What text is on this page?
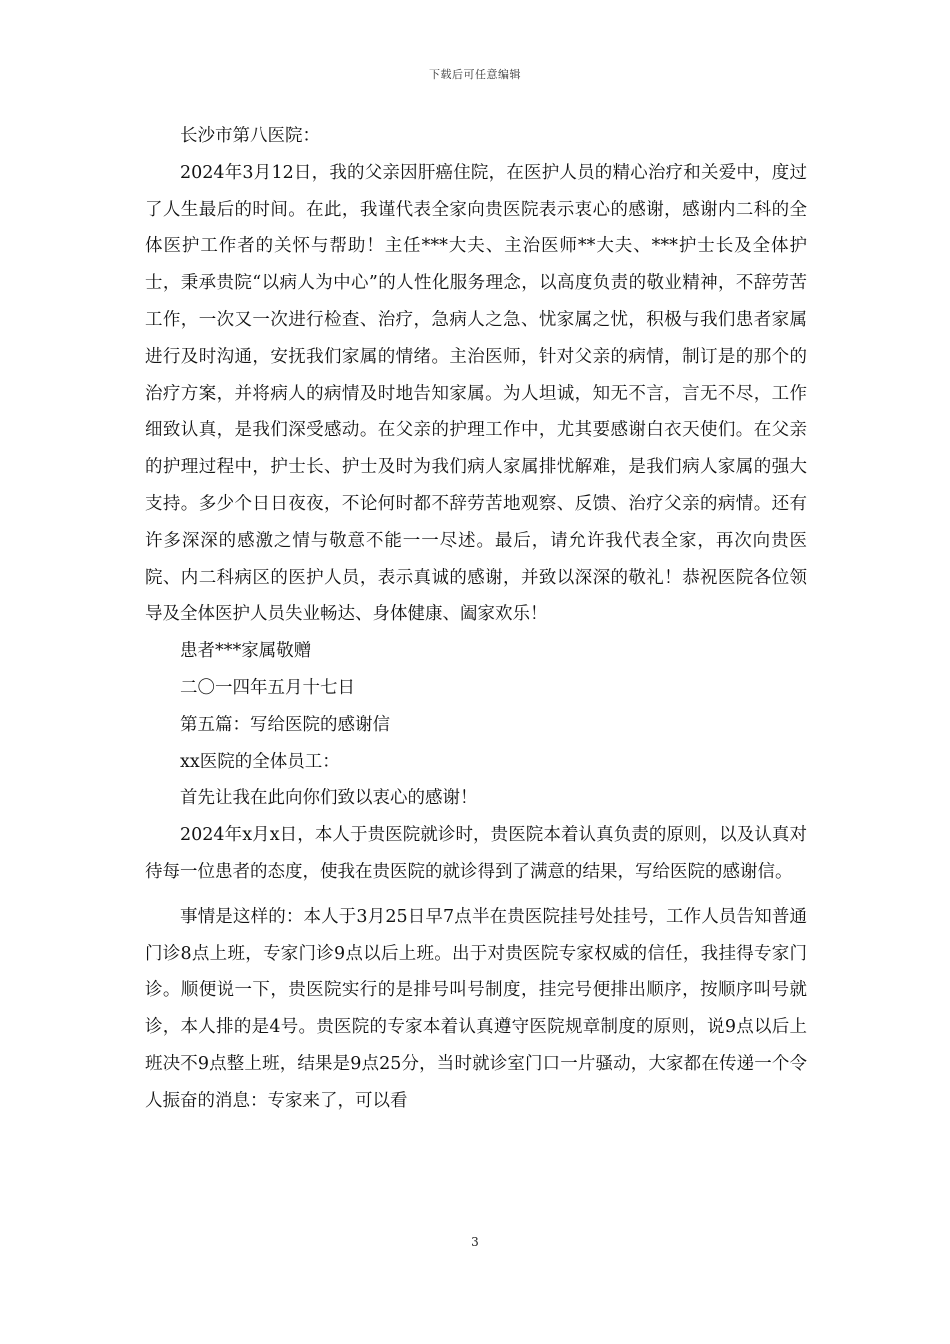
下载后可任意编辑

长沙市第八医院：

2024年3月12日，我的父亲因肝癌住院，在医护人员的精心治疗和关爱中，度过了人生最后的时间。在此，我谨代表全家向贵医院表示衷心的感谢，感谢内二科的全体医护工作者的关怀与帮助！主任***大夫、主治医师**大夫、***护士长及全体护士，秉承贵院“以病人为中心”的人性化服务理念，以高度负责的敬业精神，不辞劳苦工作，一次又一次进行检查、治疗，急病人之急、忧家属之忧，积极与我们患者家属进行及时沟通，安抚我们家属的情绪。主治医师，针对父亲的病情，制订是的那个的治疗方案，并将病人的病情及时地告知家属。为人坦诚，知无不言，言无不尽，工作细致认真，是我们深受感动。在父亲的护理工作中，尤其要感谢白衣天使们。在父亲的护理过程中，护士长、护士及时为我们病人家属排忧解难，是我们病人家属的强大支持。多少个日日夜夜，不论何时都不辞劳苦地观察、反馈、治疗父亲的病情。还有许多深深的感激之情与敬意不能一一尽述。最后，请允许我代表全家，再次向贵医院、内二科病区的医护人员，表示真诚的感谢，并致以深深的敬礼！恭祝医院各位领导及全体医护人员失业畅达、身体健康、阖家欢乐！

患者***家属敬赠

二〇一四年五月十七日

第五篇：写给医院的感谢信

xx医院的全体员工：

首先让我在此向你们致以衷心的感谢！

2024年x月x日，本人于贵医院就诊时，贵医院本着认真负责的原则，以及认真对待每一位患者的态度，使我在贵医院的就诊得到了满意的结果，写给医院的感谢信。

事情是这样的：本人于3月25日早7点半在贵医院挂号处挂号，工作人员告知普通门诊8点上班，专家门诊9点以后上班。出于对贵医院专家权威的信任，我挂得专家门诊。顺便说一下，贵医院实行的是排号叫号制度，挂完号便排出顺序，按顺序叫号就诊，本人排的是4号。贵医院的专家本着认真遵守医院规章制度的原则，说9点以后上班决不9点整上班，结果是9点25分，当时就诊室门口一片骚动，大家都在传递一个令人振奋的消息：专家来了，可以看

3
